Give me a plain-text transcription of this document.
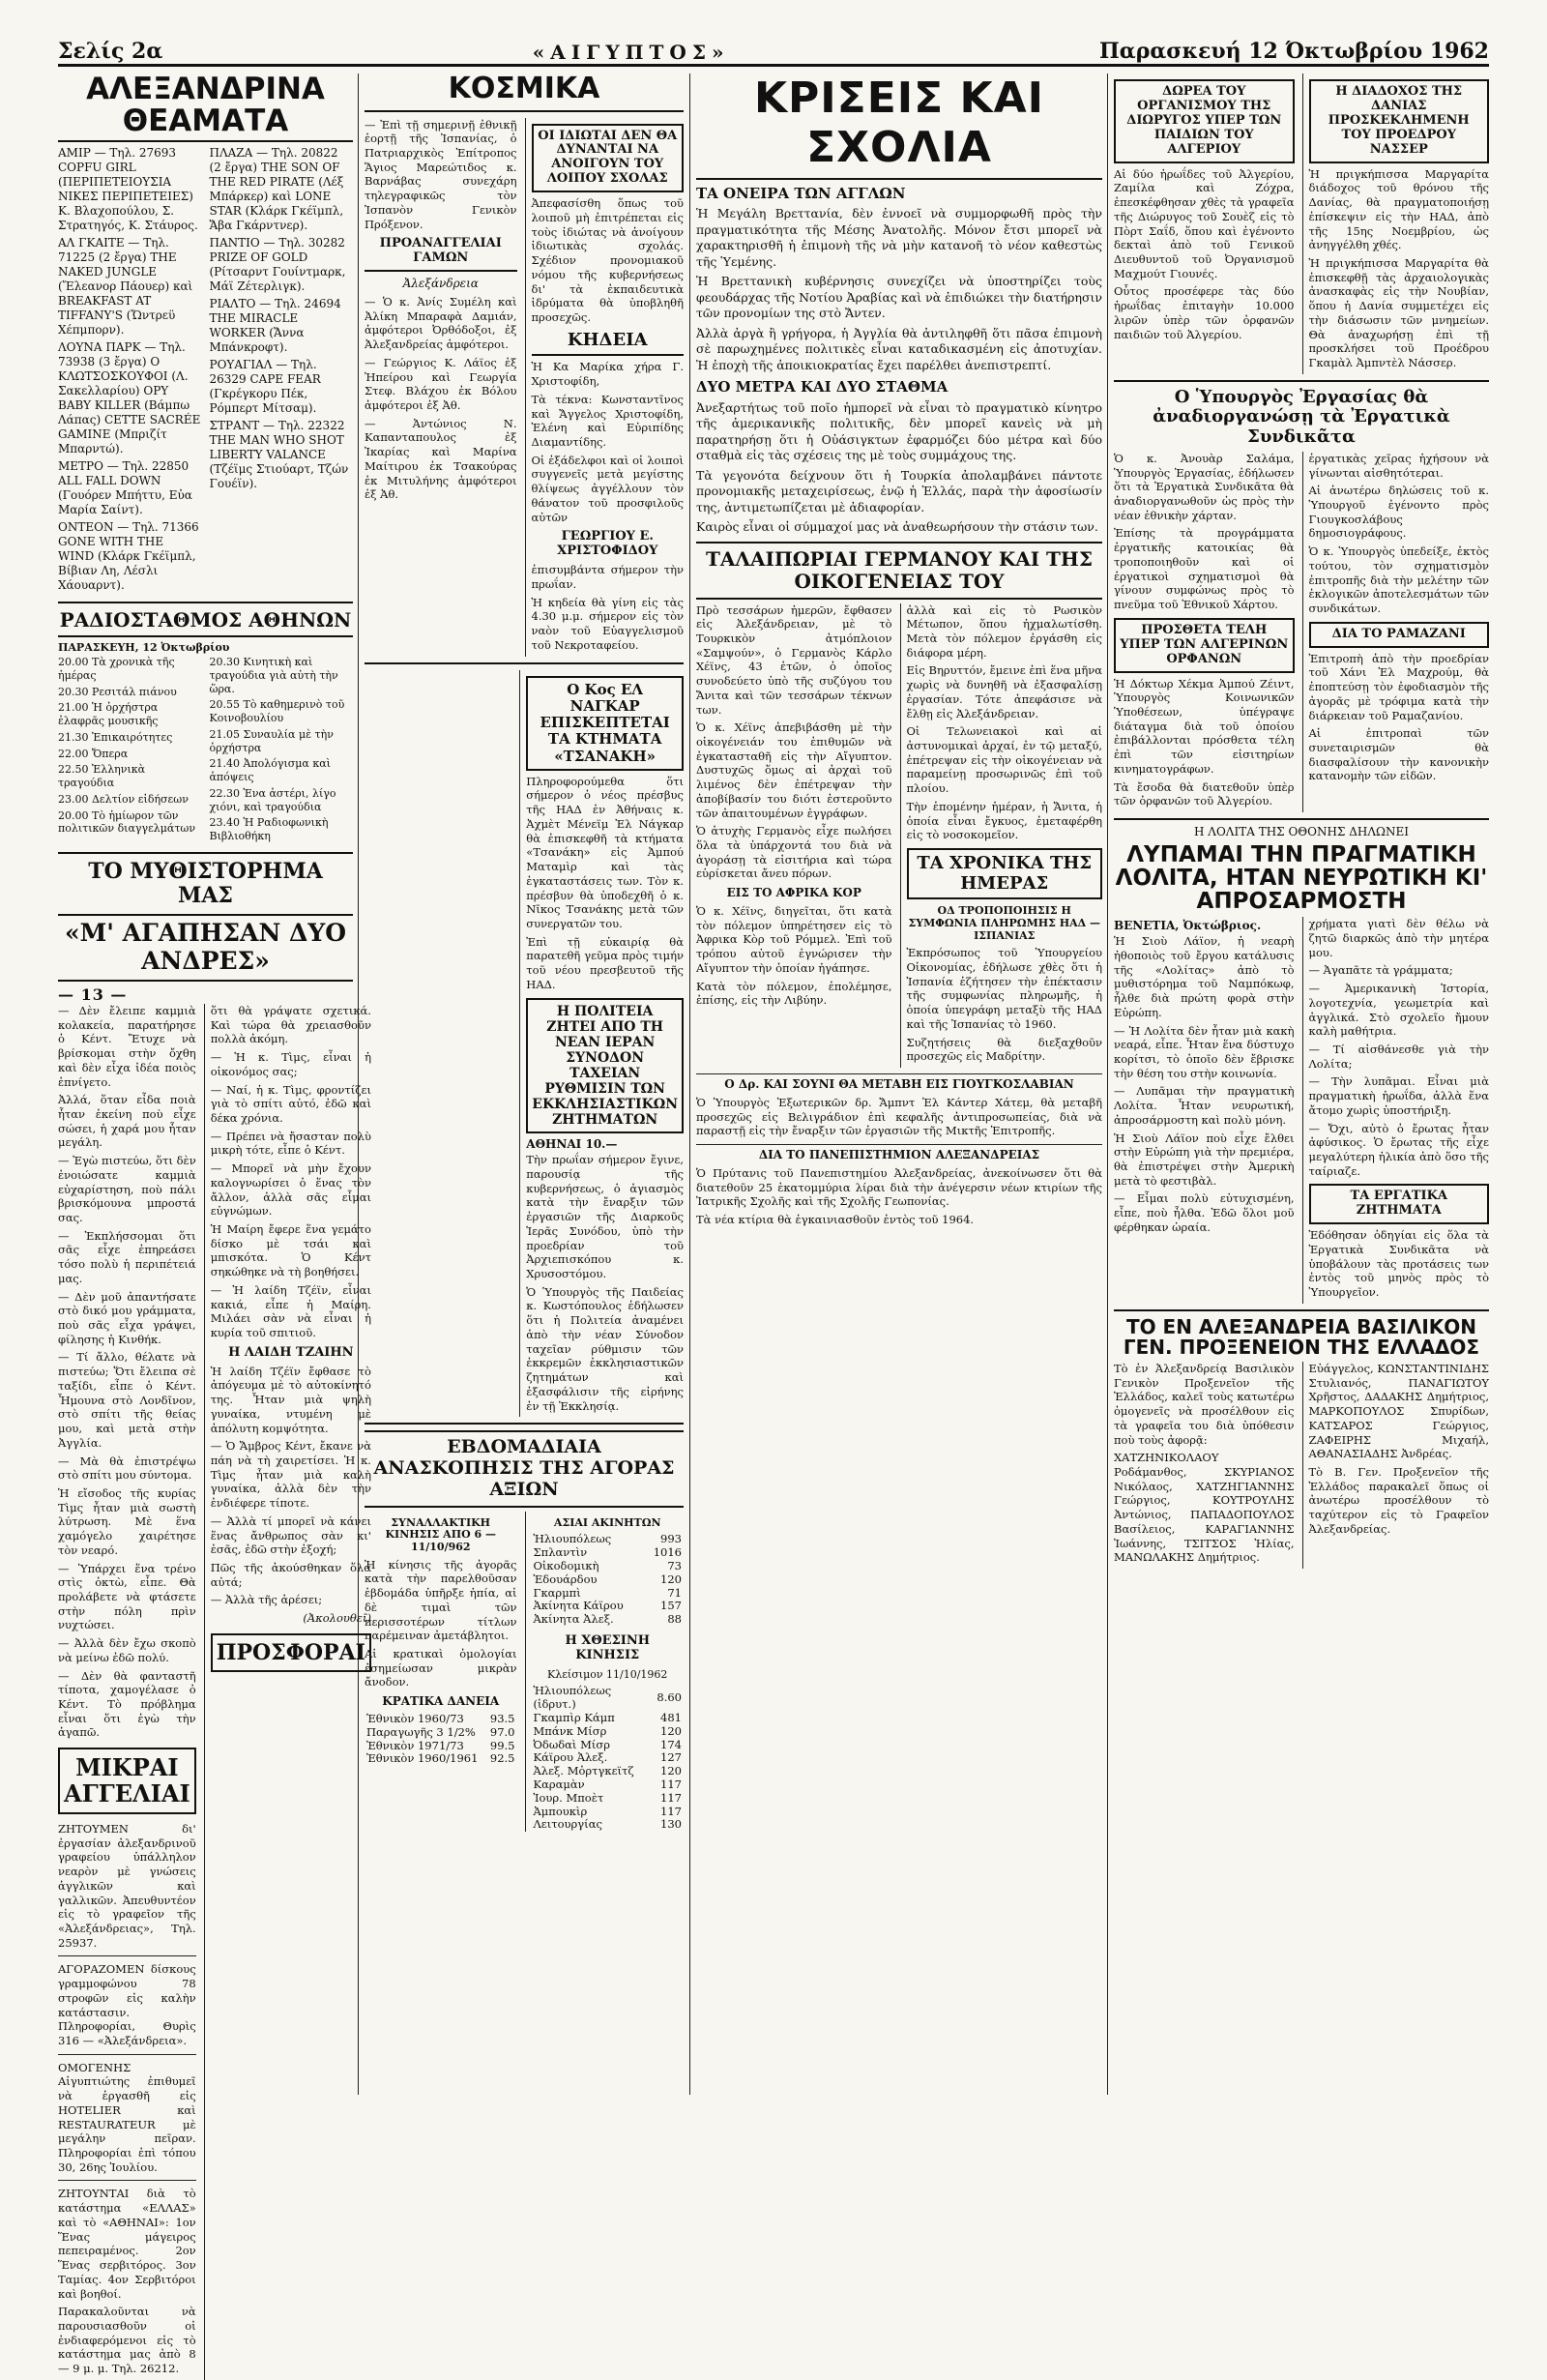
Σελίς 2α	«ΑΙΓΥΠΤΟΣ»	Παρασκευή 12 Όκτωβρίου 1962
ΑΛΕΞΑΝΔΡΙΝΑ ΘΕΑΜΑΤΑ

ΑΜΙΡ — Τηλ. 27693 COPFU GIRL (ΠΕΡΙΠΕΤΕΙΟΥΣΙΑ ΝΙΚΕΣ ΠΕΡΙΠΕΤΕΙΕΣ) Κ. Βλαχοπούλου, Σ. Στρατηγός, Κ. Στάυρος.

ΑΛ ΓΚΑΙΤΕ — Τηλ. 71225 (2 ἔργα) THE NAKED JUNGLE (Ἔλεανορ Πάουερ) καὶ BREAKFAST AT TIFFANY'S (Ὤντρεϋ Χέπμπορν).

ΛΟΥΝΑ ΠΑΡΚ — Τηλ. 73938 (3 ἔργα) Ο ΚΛΩΤΣΟΣΚΟΥΦΟΙ (Λ. Σακελλαρίου) ΟΡΥ BABY KILLER (Βάμπω Λάπας) CETTE SACRÉE GAMINE (Μπριζίτ Μπαρντώ).

ΜΕΤΡΟ — Τηλ. 22850 ALL FALL DOWN (Γουόρεν Μπήττυ, Εὐα Μαρία Σαίντ).

ΟΝΤΕΟΝ — Τηλ. 71366 GONE WITH THE WIND (Κλάρκ Γκέϊμπλ, Βίβιαν Λη, Λέσλι Χάουαρντ).

ΠΛΑΖΑ — Τηλ. 20822 (2 ἔργα) THE SON OF THE RED PIRATE (Λέξ Μπάρκερ) καὶ LONE STAR (Κλάρκ Γκέϊμπλ, Ἄβα Γκάρντνερ).

ΠΑΝΤΙΟ — Τηλ. 30282 PRIZE OF GOLD (Ρίτσαρντ Γουίντμαρκ, Μάϊ Ζέτερλιγκ).

ΡΙΑΛΤΟ — Τηλ. 24694 THE MIRACLE WORKER (Ἄννα Μπάνκροφτ).

ΡΟΥΑΓΙΑΛ — Τηλ. 26329 CAPE FEAR (Γκρέγκορυ Πέκ, Ρόμπερτ Μίτσαμ).

ΣΤΡΑΝΤ — Τηλ. 22322 THE MAN WHO SHOT LIBERTY VALANCE (Τζέϊμς Στιούαρτ, Τζών Γουέϊν).

ΡΑΔΙΟΣΤΑΘΜΟΣ ΑΘΗΝΩΝ
ΠΑΡΑΣΚΕΥΗ, 12 Ὀκτωβρίου

20.00 Τὰ χρονικὰ τῆς ἡμέρας

20.30 Ρεσιτάλ πιάνου

21.00 Ἡ ὀρχήστρα ἐλαφρᾶς μουσικῆς

21.30 Ἐπικαιρότητες

22.00 Ὄπερα

22.50 Ἑλληνικὰ τραγούδια

23.00 Δελτίον εἰδήσεων

20.00 Τὸ ἡμίωρον τῶν πολιτικῶν διαγγελμάτων

20.30 Κινητικὴ καὶ τραγούδια γιὰ αὐτὴ τὴν ὥρα.

20.55 Τὸ καθημερινὸ τοῦ Κοινοβουλίου

21.05 Συναυλία μὲ τὴν ὀρχήστρα

21.40 Ἀπολόγισμα καὶ ἀπόψεις

22.30 Ἐνα ἀστέρι, λίγο χιόνι, καὶ τραγούδια

23.40 Ἡ Ραδιοφωνικὴ Βιβλιοθήκη

ΤΟ ΜΥΘΙΣΤΟΡΗΜΑ ΜΑΣ
«Μ' ΑΓΑΠΗΣΑΝ ΔΥΟ ΑΝΔΡΕΣ»
— 13 —

— Δὲν ἔλειπε καμμιὰ κολακεία, παρατήρησε ὁ Κέντ. Ἔτυχε νὰ βρίσκομαι στὴν ὄχθη καὶ δὲν εἶχα ἰδέα ποιὸς ἐπνίγετο.

Ἀλλά, ὅταν εἶδα ποιὰ ἦταν ἐκείνη ποὺ εἶχε σώσει, ἡ χαρά μου ἦταν μεγάλη.

— Ἐγὼ πιστεύω, ὅτι δὲν ἐνοιώσατε καμμιὰ εὐχαρίστηση, ποὺ πάλι βρισκόμουνα μπροστά σας.

— Ἐκπλήσσομαι ὅτι σᾶς εἶχε ἐπηρεάσει τόσο πολὺ ἡ περιπέτειά μας.

— Δὲν μοῦ ἀπαντήσατε στὸ δικό μου γράμματα, ποὺ σᾶς εἶχα γράψει, φίλησης ἡ Κινθήκ.

— Τί ἄλλο, θέλατε νὰ πιστεύω; Ὅτι ἔλειπα σὲ ταξίδι, εἶπε ὁ Κέντ. Ἦμουνα στὸ Λονδῖνον, στὸ σπίτι τῆς θείας μου, καὶ μετὰ στὴν Ἀγγλία.

— Μὰ θὰ ἐπιστρέψω στὸ σπίτι μου σύντομα.

Ἡ εἴσοδος τῆς κυρίας Τὶμς ἦταν μιὰ σωστὴ λύτρωση. Μὲ ἕνα χαμόγελο χαιρέτησε τὸν νεαρό.

— Ὑπάρχει ἕνα τρένο στὶς ὀκτὼ, εἶπε. Θὰ προλάβετε νὰ φτάσετε στὴν πόλη πρὶν νυχτώσει.

— Ἀλλὰ δὲν ἔχω σκοπὸ νὰ μείνω ἐδῶ πολύ.

— Δὲν θὰ φανταστῆ τίποτα, χαμογέλασε ὁ Κέντ. Τὸ πρόβλημα εἶναι ὅτι ἐγὼ τὴν ἀγαπῶ.

ΜΙΚΡΑΙ ΑΓΓΕΛΙΑΙ

ΖΗΤΟΥΜΕΝ δι' ἐργασίαν ἀλεξανδρινοῦ γραφείου ὑπάλληλον νεαρὸν μὲ γνώσεις ἀγγλικῶν καὶ γαλλικῶν. Ἀπευθυντέον εἰς τὸ γραφεῖον τῆς «Ἀλεξάνδρειας», Τηλ. 25937.

ΑΓΟΡΑΖΟΜΕΝ δίσκους γραμμοφώνου 78 στροφῶν εἰς καλὴν κατάστασιν. Πληροφορίαι, Θυρὶς 316 — «Ἀλεξάνδρεια».

ΟΜΟΓΕΝΗΣ Αἰγυπτιώτης ἐπιθυμεῖ νὰ ἐργασθῆ εἰς HOTELIER καὶ RESTAURATEUR μὲ μεγάλην πεῖραν. Πληροφορίαι ἐπὶ τόπου 30, 26ης Ἰουλίου.

ΖΗΤΟΥΝΤΑΙ διὰ τὸ κατάστημα «ΕΛΛΑΣ» καὶ τὸ «ΑΘΗΝΑΙ»: 1ον Ἕνας μάγειρος πεπειραμένος. 2ον Ἕνας σερβιτόρος. 3ον Ταμίας. 4ον Σερβιτόροι καὶ βοηθοί.

Παρακαλοῦνται νὰ παρουσιασθοῦν οἱ ἐνδιαφερόμενοι εἰς τὸ κατάστημα μας ἀπὸ 8 — 9 μ. μ. Τηλ. 26212.

ὅτι θὰ γράψατε σχετικά. Καὶ τώρα θὰ χρειασθοῦν πολλὰ ἀκόμη.

— Ἡ κ. Τὶμς, εἶναι ἡ οἰκονόμος σας;

— Ναί, ἡ κ. Τὶμς, φροντίζει γιὰ τὸ σπίτι αὐτό, ἐδῶ καὶ δέκα χρόνια.

— Πρέπει νὰ ἤσασταν πολὺ μικρὴ τότε, εἶπε ὁ Κέντ.

— Μπορεῖ νὰ μὴν ἔχουν καλογνωρίσει ὁ ἕνας τὸν ἄλλον, ἀλλὰ σᾶς εἶμαι εὐγνώμων.

Ἡ Μαίρη ἔφερε ἕνα γεμάτο δίσκο μὲ τσάι καὶ μπισκότα. Ὁ Κέντ σηκώθηκε νὰ τὴ βοηθήσει.

— Ἡ λαίδη Τζέϊν, εἶναι κακιά, εἶπε ἡ Μαίρη. Μιλάει σὰν νὰ εἶναι ἡ κυρία τοῦ σπιτιοῦ.

Η ΛΑΙΔΗ ΤΖΑΙΗΝ

Ἡ λαίδη Τζέϊν ἔφθασε τὸ ἀπόγευμα μὲ τὸ αὐτοκίνητό της. Ἦταν μιὰ ψηλὴ γυναίκα, ντυμένη μὲ ἀπόλυτη κομψότητα.

— Ὁ Ἄμβρος Κέντ, ἔκανε νὰ πάη νὰ τὴ χαιρετίσει. Ἡ κ. Τὶμς ἦταν μιὰ καλὴ γυναίκα, ἀλλὰ δὲν τὴν ἐνδιέφερε τίποτε.

— Ἀλλὰ τί μπορεῖ νὰ κάνει ἕνας ἄνθρωπος σὰν κι' ἐσᾶς, ἐδῶ στὴν ἐξοχή;

Πῶς τῆς ἀκούσθηκαν ὅλα αὐτά;

— Ἀλλὰ τῆς ἀρέσει;

(Ἀκολουθεῖ)

ΠΡΟΣΦΟΡΑΙ
ΚΟΣΜΙΚΑ

— Ἐπὶ τῇ σημερινῇ ἐθνικῇ ἑορτῇ τῆς Ἰσπανίας, ὁ Πατριαρχικὸς Ἐπίτροπος Ἅγιος Μαρεώτιδος κ. Βαρνάβας συνεχάρη τηλεγραφικῶς τὸν Ἰσπανὸν Γενικὸν Πρόξενον.

ΠΡΟΑΝΑΓΓΕΛΙΑΙ ΓΑΜΩΝ
Ἀλεξάνδρεια

— Ὁ κ. Ἀνίς Συμέλη καὶ Ἀλίκη Μπαραφὰ Δαμιάν, ἀμφότεροι Ὀρθόδοξοι, ἐξ Ἀλεξανδρείας ἀμφότεροι.

— Γεώργιος Κ. Λάϊος ἐξ Ἠπείρου καὶ Γεωργία Στεφ. Βλάχου ἐκ Βόλου ἀμφότεροι ἐξ Ἀθ.

— Ἀντώνιος Ν. Καπανταπουλος ἐξ Ἰκαρίας καὶ Μαρίνα Μαίτιρου ἐκ Τσακούρας ἐκ Μιτυλήνης ἀμφότεροι ἐξ Ἀθ.

ΟΙ ΙΔΙΩΤΑΙ ΔΕΝ ΘΑ ΔΥΝΑΝΤΑΙ ΝΑ ΑΝΟΙΓΟΥΝ ΤΟΥ ΛΟΙΠΟΥ ΣΧΟΛΑΣ

Ἀπεφασίσθη ὅπως τοῦ λοιποῦ μὴ ἐπιτρέπεται εἰς τοὺς ἰδιώτας νὰ ἀνοίγουν ἰδιωτικὰς σχολάς. Σχέδιον προνομιακοῦ νόμου τῆς κυβερνήσεως δι' τὰ ἐκπαιδευτικὰ ἱδρύματα θὰ ὑποβληθῆ προσεχῶς.

ΚΗΔΕΙΑ

Ἡ Κα Μαρίκα χήρα Γ. Χριστοφίδη,

Τὰ τέκνα: Κωνσταντῖνος καὶ Ἄγγελος Χριστοφίδη, Ἐλένη καὶ Εὐριπίδης Διαμαντίδης.

Οἱ ἐξάδελφοι καὶ οἱ λοιποὶ συγγενεῖς μετὰ μεγίστης θλίψεως ἀγγέλλουν τὸν θάνατον τοῦ προσφιλοῦς αὐτῶν

ΓΕΩΡΓΙΟΥ Ε. ΧΡΙΣΤΟΦΙΔΟΥ

ἐπισυμβάντα σήμερον τὴν πρωΐαν.

Ἡ κηδεία θὰ γίνη εἰς τὰς 4.30 μ.μ. σήμερον εἰς τὸν ναὸν τοῦ Εὐαγγελισμοῦ τοῦ Νεκροταφείου.

Ο Κος ΕΛ ΝΑΓΚΑΡ ΕΠΙΣΚΕΠΤΕΤΑΙ ΤΑ ΚΤΗΜΑΤΑ «ΤΣΑΝΑΚΗ»

Πληροφορούμεθα ὅτι σήμερον ὁ νέος πρέσβυς τῆς ΗΑΔ ἐν Ἀθήναις κ. Ἀχμὲτ Μένεϊμ Ἐλ Νάγκαρ θὰ ἐπισκεφθῆ τὰ κτήματα «Τσανάκη» εἰς Ἀμπού Ματαμὶρ καὶ τὰς ἐγκαταστάσεις των. Τὸν κ. πρέσβυν θὰ ὑποδεχθῆ ὁ κ. Νῖκος Τσανάκης μετὰ τῶν συνεργατῶν του.

Ἐπὶ τῇ εὐκαιρίᾳ θὰ παρατεθῆ γεῦμα πρὸς τιμήν τοῦ νέου πρεσβευτοῦ τῆς ΗΑΔ.

Η ΠΟΛΙΤΕΙΑ ΖΗΤΕΙ ΑΠΟ ΤΗ ΝΕΑΝ ΙΕΡΑΝ ΣΥΝΟΔΟΝ ΤΑΧΕΙΑΝ ΡΥΘΜΙΣΙΝ ΤΩΝ ΕΚΚΛΗΣΙΑΣΤΙΚΩΝ ΖΗΤΗΜΑΤΩΝ
ΑΘΗΝΑΙ 10.—

Τὴν πρωΐαν σήμερον ἔγινε, παρουσίᾳ τῆς κυβερνήσεως, ὁ ἁγιασμὸς κατὰ τὴν ἔναρξιν τῶν ἐργασιῶν τῆς Διαρκοῦς Ἱερᾶς Συνόδου, ὑπὸ τὴν προεδρίαν τοῦ Ἀρχιεπισκόπου κ. Χρυσοστόμου.

Ὁ Ὑπουργὸς τῆς Παιδείας κ. Κωστόπουλος ἐδήλωσεν ὅτι ἡ Πολιτεία ἀναμένει ἀπὸ τὴν νέαν Σύνοδον ταχεῖαν ρύθμισιν τῶν ἐκκρεμῶν ἐκκλησιαστικῶν ζητημάτων καὶ ἐξασφάλισιν τῆς εἰρήνης ἐν τῇ Ἐκκλησίᾳ.

ΕΒΔΟΜΑΔΙΑΙΑ ΑΝΑΣΚΟΠΗΣΙΣ ΤΗΣ ΑΓΟΡΑΣ ΑΞΙΩΝ
ΣΥΝΑΛΛΑΚΤΙΚΗ ΚΙΝΗΣΙΣ ΑΠΟ 6 — 11/10/962

Ἡ κίνησις τῆς ἀγορᾶς κατὰ τὴν παρελθοῦσαν ἑβδομάδα ὑπῆρξε ἡπία, αἱ δὲ τιμαὶ τῶν περισσοτέρων τίτλων παρέμειναν ἀμετάβλητοι.

Αἱ κρατικαὶ ὁμολογίαι ἐσημείωσαν μικρὰν ἄνοδον.

ΚΡΑΤΙΚΑ ΔΑΝΕΙΑ
Ἐθνικὸν 1960/73	93.5
Παραγωγῆς 3 1/2%	97.0
Ἐθνικὸν 1971/73	99.5
Ἐθνικὸν 1960/1961	92.5
ΑΣΙΑΙ ΑΚΙΝΗΤΩΝ
Ἡλιουπόλεως	993
Σπλαντὶν	1016
Οἰκοδομικὴ	73
Ἐδουάρδου	120
Γκαρμπὶ	71
Ἀκίνητα Κάϊρου	157
Ἀκίνητα Ἀλεξ.	88
Η ΧΘΕΣΙΝΗ ΚΙΝΗΣΙΣ
Κλείσιμον 11/10/1962
Ἡλιουπόλεως (ἱδρυτ.)	8.60
Γκαμπὶρ Κάμπ	481
Μπάνκ Μίσρ	120
Ὀδωδαὶ Μίσρ	174
Κάϊρου Ἀλεξ.	127
Ἀλεξ. Μὀρτγκεϊτζ	120
Καραμὰν	117
Ἰουρ. Μποὲτ	117
Ἀμπουκὶρ	117
Λειτουργίας	130
ΚΡΙΣΕΙΣ ΚΑΙ ΣΧΟΛΙΑ
ΤΑ ΟΝΕΙΡΑ ΤΩΝ ΑΓΓΛΩΝ

Ἡ Μεγάλη Βρεττανία, δὲν ἐννοεῖ νὰ συμμορφωθῆ πρὸς τὴν πραγματικότητα τῆς Μέσης Ἀνατολῆς. Μόνον ἔτσι μπορεῖ νὰ χαρακτηρισθῆ ἡ ἐπιμονὴ τῆς νὰ μὴν κατανοῆ τὸ νέον καθεστὼς τῆς Ὑεμένης.

Ἡ Βρεττανικὴ κυβέρνησις συνεχίζει νὰ ὑποστηρίζει τοὺς φεουδάρχας τῆς Νοτίου Ἀραβίας καὶ νὰ ἐπιδιώκει τὴν διατήρησιν τῶν προνομίων της στὸ Ἄντεν.

Ἀλλὰ ἀργὰ ἢ γρήγορα, ἡ Ἀγγλία θὰ ἀντιληφθῆ ὅτι πᾶσα ἐπιμονὴ σὲ παρωχημένες πολιτικὲς εἶναι καταδικασμένη εἰς ἀποτυχίαν. Ἡ ἐποχὴ τῆς ἀποικιοκρατίας ἔχει παρέλθει ἀνεπιστρεπτί.

ΔΥΟ ΜΕΤΡΑ ΚΑΙ ΔΥΟ ΣΤΑΘΜΑ

Ἀνεξαρτήτως τοῦ ποῖο ἡμπορεῖ νὰ εἶναι τὸ πραγματικὸ κίνητρο τῆς ἀμερικανικῆς πολιτικῆς, δὲν μπορεῖ κανεὶς νὰ μὴ παρατηρήσῃ ὅτι ἡ Οὐάσιγκτων ἐφαρμόζει δύο μέτρα καὶ δύο σταθμὰ εἰς τὰς σχέσεις της μὲ τοὺς συμμάχους της.

Τὰ γεγονότα δείχνουν ὅτι ἡ Τουρκία ἀπολαμβάνει πάντοτε προνομιακῆς μεταχειρίσεως, ἐνῷ ἡ Ἑλλάς, παρὰ τὴν ἀφοσίωσίν της, ἀντιμετωπίζεται μὲ ἀδιαφορίαν.

Καιρὸς εἶναι οἱ σύμμαχοί μας νὰ ἀναθεωρήσουν τὴν στάσιν των.

ΤΑΛΑΙΠΩΡΙΑΙ ΓΕΡΜΑΝΟΥ ΚΑΙ ΤΗΣ ΟΙΚΟΓΕΝΕΙΑΣ ΤΟΥ

Πρὸ τεσσάρων ἡμερῶν, ἔφθασεν εἰς Ἀλεξάνδρειαν, μὲ τὸ Τουρκικὸν ἀτμόπλοιον «Σαμψούν», ὁ Γερμανὸς Κάρλο Χέϊνς, 43 ἐτῶν, ὁ ὁποῖος συνοδεύετο ὑπὸ τῆς συζύγου του Ἄνιτα καὶ τῶν τεσσάρων τέκνων των.

Ὁ κ. Χέϊνς ἀπεβιβάσθη μὲ τὴν οἰκογένειάν του ἐπιθυμῶν νὰ ἐγκατασταθῆ εἰς τὴν Αἴγυπτον. Δυστυχῶς ὅμως αἱ ἀρχαὶ τοῦ λιμένος δὲν ἐπέτρεψαν τὴν ἀποβίβασίν του διότι ἐστεροῦντο τῶν ἀπαιτουμένων ἐγγράφων.

Ὁ ἀτυχὴς Γερμανὸς εἶχε πωλήσει ὅλα τὰ ὑπάρχοντά του διὰ νὰ ἀγοράσῃ τὰ εἰσιτήρια καὶ τώρα εὑρίσκεται ἄνευ πόρων.

ΕΙΣ ΤΟ ΑΦΡΙΚΑ ΚΟΡ

Ὁ κ. Χέϊνς, διηγεῖται, ὅτι κατὰ τὸν πόλεμον ὑπηρέτησεν εἰς τὸ Ἀφρικα Κὸρ τοῦ Ρόμμελ. Ἐπὶ τοῦ τρόπου αὐτοῦ ἐγνώρισεν τὴν Αἴγυπτον τὴν ὁποίαν ἠγάπησε.

Κατὰ τὸν πόλεμον, ἐπολέμησε, ἐπίσης, εἰς τὴν Λιβύην.

ἀλλὰ καὶ εἰς τὸ Ρωσικὸν Μέτωπον, ὅπου ἠχμαλωτίσθη. Μετὰ τὸν πόλεμον ἐργάσθη εἰς διάφορα μέρη.

Εἰς Βηρυττόν, ἔμεινε ἐπὶ ἕνα μῆνα χωρὶς νὰ δυνηθῆ νὰ ἐξασφαλίσῃ ἐργασίαν. Τότε ἀπεφάσισε νὰ ἔλθῃ εἰς Ἀλεξάνδρειαν.

Οἱ Τελωνειακοὶ καὶ αἱ ἀστυνομικαὶ ἀρχαί, ἐν τῷ μεταξύ, ἐπέτρεψαν εἰς τὴν οἰκογένειαν νὰ παραμείνῃ προσωρινῶς ἐπὶ τοῦ πλοίου.

Τὴν ἑπομένην ἡμέραν, ἡ Ἄνιτα, ἡ ὁποία εἶναι ἔγκυος, ἐμεταφέρθη εἰς τὸ νοσοκομεῖον.

ΤΑ ΧΡΟΝΙΚΑ ΤΗΣ ΗΜΕΡΑΣ
ΟΔ ΤΡΟΠΟΠΟΙΗΣΙΣ Η ΣΥΜΦΩΝΙΑ ΠΛΗΡΩΜΗΣ ΗΑΔ — ΙΣΠΑΝΙΑΣ

Ἐκπρόσωπος τοῦ Ὑπουργείου Οἰκονομίας, ἐδήλωσε χθὲς ὅτι ἡ Ἰσπανία ἐζήτησεν τὴν ἐπέκτασιν τῆς συμφωνίας πληρωμῆς, ἡ ὁποία ὑπεγράφη μεταξὺ τῆς ΗΑΔ καὶ τῆς Ἰσπανίας τὸ 1960.

Συζητήσεις θὰ διεξαχθοῦν προσεχῶς εἰς Μαδρίτην.

Ο Δρ. ΚΑΙ ΣΟΥΝΙ ΘΑ ΜΕΤΑΒΗ ΕΙΣ ΓΙΟΥΓΚΟΣΛΑΒΙΑΝ

Ὁ Ὑπουργὸς Ἐξωτερικῶν δρ. Ἄμπντ Ἐλ Κάντερ Χάτεμ, θὰ μεταβῆ προσεχῶς εἰς Βελιγράδιον ἐπὶ κεφαλῆς ἀντιπροσωπείας, διὰ νὰ παραστῇ εἰς τὴν ἔναρξιν τῶν ἐργασιῶν τῆς Μικτῆς Ἐπιτροπῆς.

ΔΙΑ ΤΟ ΠΑΝΕΠΙΣΤΗΜΙΟΝ ΑΛΕΞΑΝΔΡΕΙΑΣ

Ὁ Πρύτανις τοῦ Πανεπιστημίου Ἀλεξανδρείας, ἀνεκοίνωσεν ὅτι θὰ διατεθοῦν 25 ἑκατομμύρια λίραι διὰ τὴν ἀνέγερσιν νέων κτιρίων τῆς Ἰατρικῆς Σχολῆς καὶ τῆς Σχολῆς Γεωπονίας.

Τὰ νέα κτίρια θὰ ἐγκαινιασθοῦν ἐντὸς τοῦ 1964.

ΔΩΡΕΑ ΤΟΥ ΟΡΓΑΝΙΣΜΟΥ ΤΗΣ ΔΙΩΡΥΓΟΣ ΥΠΕΡ ΤΩΝ ΠΑΙΔΙΩΝ ΤΟΥ ΑΛΓΕΡΙΟΥ

Αἱ δύο ἡρωΐδες τοῦ Ἀλγερίου, Ζαμίλα καὶ Ζόχρα, ἐπεσκέφθησαν χθὲς τὰ γραφεῖα τῆς Διώρυγος τοῦ Σουὲζ εἰς τὸ Πὸρτ Σαΐδ, ὅπου καὶ ἐγένοντο δεκταὶ ἀπὸ τοῦ Γενικοῦ Διευθυντοῦ τοῦ Ὀργανισμοῦ Μαχμούτ Γιουνές.

Οὗτος προσέφερε τὰς δύο ἡρωΐδας ἐπιταγὴν 10.000 λιρῶν ὑπὲρ τῶν ὀρφανῶν παιδιῶν τοῦ Ἀλγερίου.

Η ΔΙΑΔΟΧΟΣ ΤΗΣ ΔΑΝΙΑΣ ΠΡΟΣΚΕΚΛΗΜΕΝΗ ΤΟΥ ΠΡΟΕΔΡΟΥ ΝΑΣΣΕΡ

Ἡ πριγκήπισσα Μαργαρίτα διάδοχος τοῦ θρόνου τῆς Δανίας, θὰ πραγματοποιήσῃ ἐπίσκεψιν εἰς τὴν ΗΑΔ, ἀπὸ τῆς 15ης Νοεμβρίου, ὡς ἀνηγγέλθη χθές.

Ἡ πριγκήπισσα Μαργαρίτα θὰ ἐπισκεφθῇ τὰς ἀρχαιολογικὰς ἀνασκαφὰς εἰς τὴν Νουβίαν, ὅπου ἡ Δανία συμμετέχει εἰς τὴν διάσωσιν τῶν μνημείων. Θὰ ἀναχωρήσῃ ἐπὶ τῇ προσκλήσει τοῦ Προέδρου Γκαμὰλ Ἀμπντὲλ Νάσσερ.

Ο Ὑπουργὸς Ἐργασίας θὰ ἀναδιοργανώσῃ τὰ Ἐργατικὰ Συνδικᾶτα

Ὁ κ. Ἀνουὰρ Σαλάμα, Ὑπουργὸς Ἐργασίας, ἐδήλωσεν ὅτι τὰ Ἐργατικὰ Συνδικᾶτα θὰ ἀναδιοργανωθοῦν ὡς πρὸς τὴν νέαν ἐθνικὴν χάρταν.

Ἐπίσης τὰ προγράμματα ἐργατικῆς κατοικίας θὰ τροποποιηθοῦν καὶ οἱ ἐργατικοὶ σχηματισμοὶ θὰ γίνουν συμφώνως πρὸς τὸ πνεῦμα τοῦ Ἐθνικοῦ Χάρτου.

ΠΡΟΣΘΕΤΑ ΤΕΛΗ ΥΠΕΡ ΤΩΝ ΑΛΓΕΡΙΝΩΝ ΟΡΦΑΝΩΝ

Ἡ Δόκτωρ Χέκμα Ἀμπού Ζέιντ, Ὑπουργὸς Κοινωνικῶν Ὑποθέσεων, ὑπέγραψε διάταγμα διὰ τοῦ ὁποίου ἐπιβάλλονται πρόσθετα τέλη ἐπὶ τῶν εἰσιτηρίων κινηματογράφων.

Τὰ ἔσοδα θὰ διατεθοῦν ὑπὲρ τῶν ὀρφανῶν τοῦ Ἀλγερίου.

ἐργατικὰς χεῖρας ἡχήσουν νὰ γίνωνται αἰσθητότεραι.

Αἱ ἀνωτέρω δηλώσεις τοῦ κ. Ὑπουργοῦ ἐγένοντο πρὸς Γιουγκοσλάβους δημοσιογράφους.

Ὁ κ. Ὑπουργὸς ὑπεδείξε, ἐκτὸς τούτου, τὸν σχηματισμὸν ἐπιτροπῆς διὰ τὴν μελέτην τῶν ἐκλογικῶν ἀποτελεσμάτων τῶν συνδικάτων.

ΔΙΑ ΤΟ ΡΑΜΑΖΑΝΙ

Ἐπιτροπὴ ἀπὸ τὴν προεδρίαν τοῦ Χάνι Ἐλ Μαχρούμ, θὰ ἐποπτεύσῃ τὸν ἐφοδιασμὸν τῆς ἀγορᾶς μὲ τρόφιμα κατὰ τὴν διάρκειαν τοῦ Ραμαζανίου.

Αἱ ἐπιτροπαὶ τῶν συνεταιρισμῶν θὰ διασφαλίσουν τὴν κανονικὴν κατανομὴν τῶν εἰδῶν.

Η ΛΟΛΙΤΑ ΤΗΣ ΟΘΟΝΗΣ ΔΗΛΩΝΕΙ
ΛΥΠΑΜΑΙ ΤΗΝ ΠΡΑΓΜΑΤΙΚΗ ΛΟΛΙΤΑ, ΗΤΑΝ ΝΕΥΡΩΤΙΚΗ ΚΙ' ΑΠΡΟΣΑΡΜΟΣΤΗ
ΒΕΝΕΤΙΑ, Ὀκτώβριος.

Ἡ Σιοὺ Λάϊον, ἡ νεαρὴ ἠθοποιὸς τοῦ ἔργου κατάλυσις τῆς «Λολίτας» ἀπὸ τὸ μυθιστόρημα τοῦ Ναμπόκωφ, ἦλθε διὰ πρώτη φορὰ στὴν Εὐρώπη.

— Ἡ Λολίτα δὲν ἦταν μιὰ κακὴ νεαρά, εἶπε. Ἦταν ἕνα δύστυχο κορίτσι, τὸ ὁποῖο δὲν ἔβρισκε τὴν θέση του στὴν κοινωνία.

— Λυπᾶμαι τὴν πραγματικὴ Λολίτα. Ἦταν νευρωτική, ἀπροσάρμοστη καὶ πολὺ μόνη.

Ἡ Σιοὺ Λάϊον ποὺ εἶχε ἔλθει στὴν Εὐρώπη γιὰ τὴν πρεμιέρα, θὰ ἐπιστρέψει στὴν Ἀμερικὴ μετὰ τὸ φεστιβὰλ.

— Εἶμαι πολὺ εὐτυχισμένη, εἶπε, ποὺ ἦλθα. Ἐδῶ ὅλοι μοῦ φέρθηκαν ὡραία.

χρήματα γιατὶ δὲν θέλω νὰ ζητῶ διαρκῶς ἀπὸ τὴν μητέρα μου.

— Ἀγαπᾶτε τὰ γράμματα;

— Ἀμερικανικὴ Ἱστορία, λογοτεχνία, γεωμετρία καὶ ἀγγλικά. Στὸ σχολεῖο ἤμουν καλὴ μαθήτρια.

— Τί αἰσθάνεσθε γιὰ τὴν Λολίτα;

— Τὴν λυπᾶμαι. Εἶναι μιὰ πραγματικὴ ἡρωΐδα, ἀλλὰ ἕνα ἄτομο χωρὶς ὑποστήριξη.

— Ὄχι, αὐτὸ ὁ ἔρωτας ἦταν ἀφύσικος. Ὁ ἔρωτας τῆς εἶχε μεγαλύτερη ἡλικία ἀπὸ ὅσο τῆς ταίριαζε.

ΤΑ ΕΡΓΑΤΙΚΑ ΖΗΤΗΜΑΤΑ

Ἐδόθησαν ὁδηγίαι εἰς ὅλα τὰ Ἐργατικὰ Συνδικᾶτα νὰ ὑποβάλουν τὰς προτάσεις των ἐντὸς τοῦ μηνὸς πρὸς τὸ Ὑπουργεῖον.

ΤΟ ΕΝ ΑΛΕΞΑΝΔΡΕΙΑ ΒΑΣΙΛΙΚΟΝ ΓΕΝ. ΠΡΟΞΕΝΕΙΟΝ ΤΗΣ ΕΛΛΑΔΟΣ

Τὸ ἐν Ἀλεξανδρείᾳ Βασιλικὸν Γενικὸν Προξενεῖον τῆς Ἑλλάδος, καλεῖ τοὺς κατωτέρω ὁμογενεῖς νὰ προσέλθουν εἰς τὰ γραφεῖα του διὰ ὑπόθεσιν ποὺ τοὺς ἀφορᾷ:

ΧΑΤΖΗΝΙΚΟΛΑΟΥ Ροδάμανθος, ΣΚΥΡΙΑΝΟΣ Νικόλαος, ΧΑΤΖΗΓΙΑΝΝΗΣ Γεώργιος, ΚΟΥΤΡΟΥΛΗΣ Ἀντώνιος, ΠΑΠΑΔΟΠΟΥΛΟΣ Βασίλειος, ΚΑΡΑΓΙΑΝΝΗΣ Ἰωάννης, ΤΣΙΤΣΟΣ Ἠλίας, ΜΑΝΩΛΑΚΗΣ Δημήτριος.

Εὐάγγελος, ΚΩΝΣΤΑΝΤΙΝΙΔΗΣ Στυλιανός, ΠΑΝΑΓΙΩΤΟΥ Χρῆστος, ΔΑΔΑΚΗΣ Δημήτριος, ΜΑΡΚΟΠΟΥΛΟΣ Σπυρίδων, ΚΑΤΣΑΡΟΣ Γεώργιος, ΖΑΦΕΙΡΗΣ Μιχαήλ, ΑΘΑΝΑΣΙΑΔΗΣ Ἀνδρέας.

Τὸ Β. Γεν. Προξενεῖον τῆς Ἑλλάδος παρακαλεῖ ὅπως οἱ ἀνωτέρω προσέλθουν τὸ ταχύτερον εἰς τὸ Γραφεῖον Ἀλεξανδρείας.
